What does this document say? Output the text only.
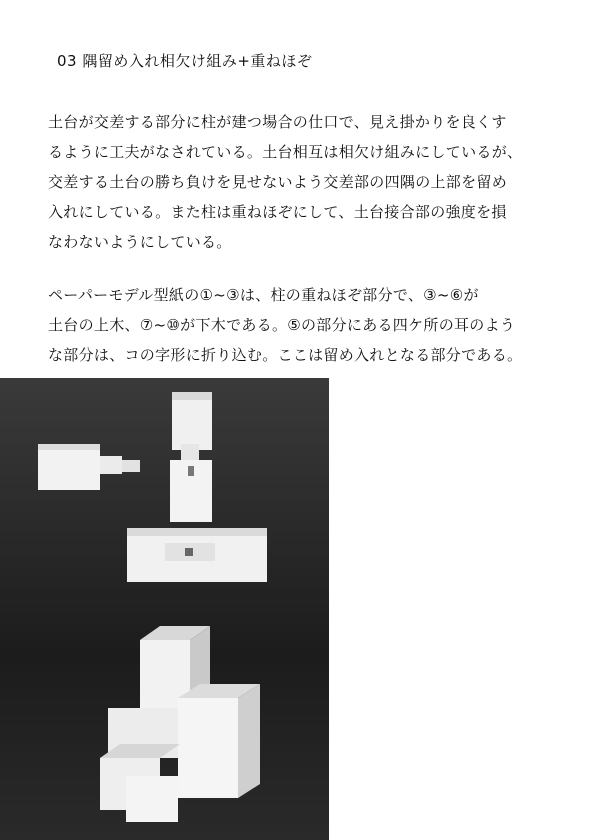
03 隅留め入れ相欠け組み+重ねほぞ
土台が交差する部分に柱が建つ場合の仕口で、見え掛かりを良くす
るように工夫がなされている。土台相互は相欠け組みにしているが、
交差する土台の勝ち負けを見せないよう交差部の四隅の上部を留め
入れにしている。また柱は重ねほぞにして、土台接合部の強度を損
なわないようにしている。
ペーパーモデル型紙の①~③は、柱の重ねほぞ部分で、③~⑥が
土台の上木、⑦~⑩が下木である。⑤の部分にある四ケ所の耳のよう
な部分は、コの字形に折り込む。ここは留め入れとなる部分である。
